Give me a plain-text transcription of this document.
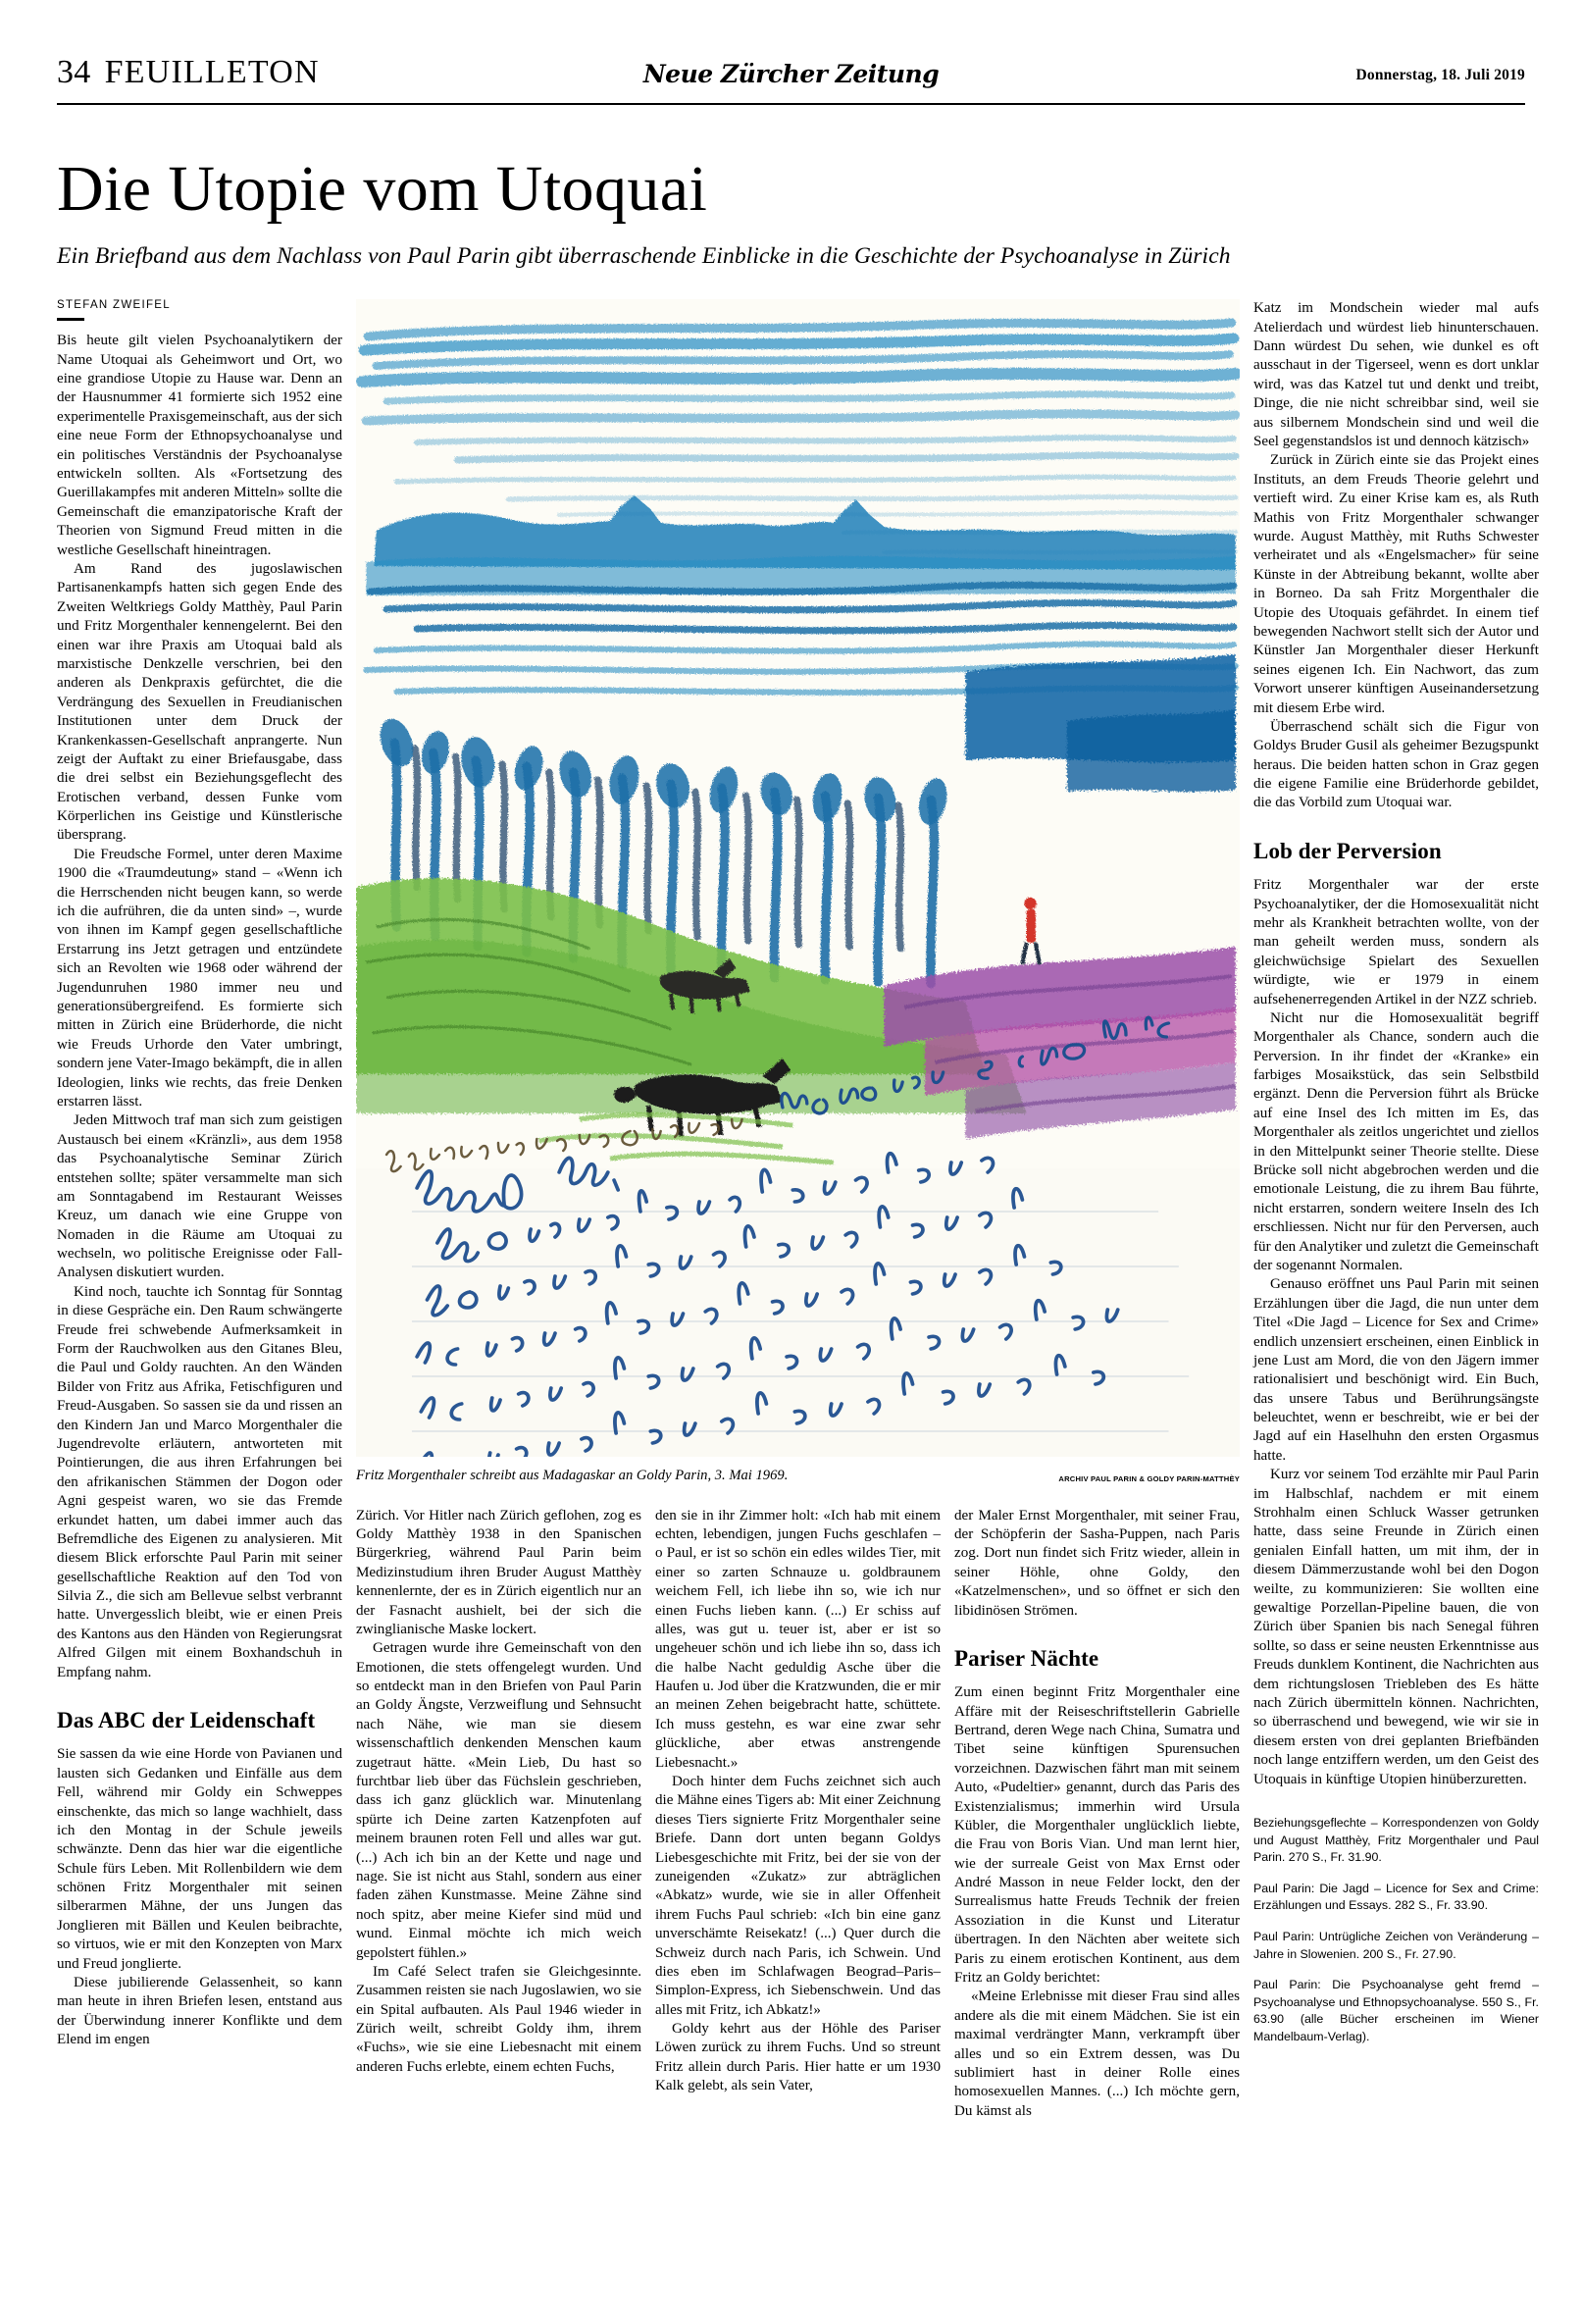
34 FEUILLETON	Neue Zürcher Zeitung	Donnerstag, 18. Juli 2019
Die Utopie vom Utoquai
Ein Briefband aus dem Nachlass von Paul Parin gibt überraschende Einblicke in die Geschichte der Psychoanalyse in Zürich
STEFAN ZWEIFEL

Bis heute gilt vielen Psychoanalytikern der Name Utoquai als Geheimwort und Ort, wo eine grandiose Utopie zu Hause war. Denn an der Hausnummer 41 formierte sich 1952 eine experimentelle Praxisgemeinschaft, aus der sich eine neue Form der Ethnopsychoanalyse und ein politisches Verständnis der Psychoanalyse entwickeln sollten. Als «Fortsetzung des Guerillakampfes mit anderen Mitteln» sollte die Gemeinschaft die emanzipatorische Kraft der Theorien von Sigmund Freud mitten in die westliche Gesellschaft hineintragen.

Am Rand des jugoslawischen Partisanenkampfs hatten sich gegen Ende des Zweiten Weltkriegs Goldy Matthèy, Paul Parin und Fritz Morgenthaler kennengelernt. Bei den einen war ihre Praxis am Utoquai bald als marxistische Denkzelle verschrien, bei den anderen als Denkpraxis gefürchtet, die die Verdrängung des Sexuellen in Freudianischen Institutionen unter dem Druck der Krankenkassen-Gesellschaft anprangerte. Nun zeigt der Auftakt zu einer Briefausgabe, dass die drei selbst ein Beziehungsgeflecht des Erotischen verband, dessen Funke vom Körperlichen ins Geistige und Künstlerische übersprang.

Die Freudsche Formel, unter deren Maxime 1900 die «Traumdeutung» stand – «Wenn ich die Herrschenden nicht beugen kann, so werde ich die aufrühren, die da unten sind» –, wurde von ihnen im Kampf gegen gesellschaftliche Erstarrung ins Jetzt getragen und entzündete sich an Revolten wie 1968 oder während der Jugendunruhen 1980 immer neu und generationsübergreifend. Es formierte sich mitten in Zürich eine Brüderhorde, die nicht wie Freuds Urhorde den Vater umbringt, sondern jene Vater-Imago bekämpft, die in allen Ideologien, links wie rechts, das freie Denken erstarren lässt.

Jeden Mittwoch traf man sich zum geistigen Austausch bei einem «Kränzli», aus dem 1958 das Psychoanalytische Seminar Zürich entstehen sollte; später versammelte man sich am Sonntagabend im Restaurant Weisses Kreuz, um danach wie eine Gruppe von Nomaden in die Räume am Utoquai zu wechseln, wo politische Ereignisse oder Fall-Analysen diskutiert wurden.

Kind noch, tauchte ich Sonntag für Sonntag in diese Gespräche ein. Den Raum schwängerte Freude frei schwebende Aufmerksamkeit in Form der Rauchwolken aus den Gitanes Bleu, die Paul und Goldy rauchten. An den Wänden Bilder von Fritz aus Afrika, Fetischfiguren und Freud-Ausgaben. So sassen sie da und rissen an den Kindern Jan und Marco Morgenthaler die Jugendrevolte erläutern, antworteten mit Pointierungen, die aus ihren Erfahrungen bei den afrikanischen Stämmen der Dogon oder Agni gespeist waren, wo sie das Fremde erkundet hatten, um dabei immer auch das Befremdliche des Eigenen zu analysieren. Mit diesem Blick erforschte Paul Parin mit seiner gesellschaftliche Reaktion auf den Tod von Silvia Z., die sich am Bellevue selbst verbrannt hatte. Unvergesslich bleibt, wie er einen Preis des Kantons aus den Händen von Regierungsrat Alfred Gilgen mit einem Boxhandschuh in Empfang nahm.

Das ABC der Leidenschaft

Sie sassen da wie eine Horde von Pavianen und lausten sich Gedanken und Einfälle aus dem Fell, während mir Goldy ein Schweppes einschenkte, das mich so lange wachhielt, dass ich den Montag in der Schule jeweils schwänzte. Denn das hier war die eigentliche Schule fürs Leben. Mit Rollenbildern wie dem schönen Fritz Morgenthaler mit seinen silberarmen Mähne, der uns Jungen das Jonglieren mit Bällen und Keulen beibrachte, so virtuos, wie er mit den Konzepten von Marx und Freud jonglierte.

Diese jubilierende Gelassenheit, so kann man heute in ihren Briefen lesen, entstand aus der Überwindung innerer Konflikte und dem Elend im engen

Fritz Morgenthaler schreibt aus Madagaskar an Goldy Parin, 3. Mai 1969.	ARCHIV PAUL PARIN & GOLDY PARIN-MATTHÈY

Zürich. Vor Hitler nach Zürich geflohen, zog es Goldy Matthèy 1938 in den Spanischen Bürgerkrieg, während Paul Parin beim Medizinstudium ihren Bruder August Matthèy kennenlernte, der es in Zürich eigentlich nur an der Fasnacht aushielt, bei der sich die zwinglianische Maske lockert.

Getragen wurde ihre Gemeinschaft von den Emotionen, die stets offengelegt wurden. Und so entdeckt man in den Briefen von Paul Parin an Goldy Ängste, Verzweiflung und Sehnsucht nach Nähe, wie man sie diesem wissenschaftlich denkenden Menschen kaum zugetraut hätte. «Mein Lieb, Du hast so furchtbar lieb über das Füchslein geschrieben, dass ich ganz glücklich war. Minutenlang spürte ich Deine zarten Katzenpfoten auf meinem braunen roten Fell und alles war gut. (...) Ach ich bin an der Kette und nage und nage. Sie ist nicht aus Stahl, sondern aus einer faden zähen Kunstmasse. Meine Zähne sind noch spitz, aber meine Kiefer sind müd und wund. Einmal möchte ich mich weich gepolstert fühlen.»

Im Café Select trafen sie Gleichgesinnte. Zusammen reisten sie nach Jugoslawien, wo sie ein Spital aufbauten. Als Paul 1946 wieder in Zürich weilt, schreibt Goldy ihm, ihrem «Fuchs», wie sie eine Liebesnacht mit einem anderen Fuchs erlebte, einem echten Fuchs,

den sie in ihr Zimmer holt: «Ich hab mit einem echten, lebendigen, jungen Fuchs geschlafen – o Paul, er ist so schön ein edles wildes Tier, mit einer so zarten Schnauze u. goldbraunem weichem Fell, ich liebe ihn so, wie ich nur einen Fuchs lieben kann. (...) Er schiss auf alles, was gut u. teuer ist, aber er ist so ungeheuer schön und ich liebe ihn so, dass ich die halbe Nacht geduldig Asche über die Haufen u. Jod über die Kratzwunden, die er mir an meinen Zehen beigebracht hatte, schüttete. Ich muss gestehn, es war eine zwar sehr glückliche, aber etwas anstrengende Liebesnacht.»

Doch hinter dem Fuchs zeichnet sich auch die Mähne eines Tigers ab: Mit einer Zeichnung dieses Tiers signierte Fritz Morgenthaler seine Briefe. Dann dort unten begann Goldys Liebesgeschichte mit Fritz, bei der sie von der zuneigenden «Zukatz» zur abträglichen «Abkatz» wurde, wie sie in aller Offenheit ihrem Fuchs Paul schrieb: «Ich bin eine ganz unverschämte Reisekatz! (...) Quer durch die Schweiz durch nach Paris, ich Schwein. Und dies eben im Schlafwagen Beograd–Paris–Simplon-Express, ich Siebenschwein. Und das alles mit Fritz, ich Abkatz!»

Goldy kehrt aus der Höhle des Pariser Löwen zurück zu ihrem Fuchs. Und so streunt Fritz allein durch Paris. Hier hatte er um 1930 Kalk gelebt, als sein Vater,

der Maler Ernst Morgenthaler, mit seiner Frau, der Schöpferin der Sasha-Puppen, nach Paris zog. Dort nun findet sich Fritz wieder, allein in seiner Höhle, ohne Goldy, den «Katzelmenschen», und so öffnet er sich den libidinösen Strömen.

Pariser Nächte

Zum einen beginnt Fritz Morgenthaler eine Affäre mit der Reiseschriftstellerin Gabrielle Bertrand, deren Wege nach China, Sumatra und Tibet seine künftigen Spurensuchen vorzeichnen. Dazwischen fährt man mit seinem Auto, «Pudeltier» genannt, durch das Paris des Existenzialismus; immerhin wird Ursula Kübler, die Morgenthaler unglücklich liebte, die Frau von Boris Vian. Und man lernt hier, wie der surreale Geist von Max Ernst oder André Masson in neue Felder lockt, den der Surrealismus hatte Freuds Technik der freien Assoziation in die Kunst und Literatur übertragen. In den Nächten aber weitete sich Paris zu einem erotischen Kontinent, aus dem Fritz an Goldy berichtet:

«Meine Erlebnisse mit dieser Frau sind alles andere als die mit einem Mädchen. Sie ist ein maximal verdrängter Mann, verkrampft über alles und so ein Extrem dessen, was Du sublimiert hast in deiner Rolle eines homosexuellen Mannes. (...) Ich möchte gern, Du kämst als

Katz im Mondschein wieder mal aufs Atelierdach und würdest lieb hinunterschauen. Dann würdest Du sehen, wie dunkel es oft ausschaut in der Tigerseel, wenn es dort unklar wird, was das Katzel tut und denkt und treibt, Dinge, die nie nicht schreibbar sind, weil sie aus silbernem Mondschein sind und weil die Seel gegenstandslos ist und dennoch kätzisch»

Zurück in Zürich einte sie das Projekt eines Instituts, an dem Freuds Theorie gelehrt und vertieft wird. Zu einer Krise kam es, als Ruth Mathis von Fritz Morgenthaler schwanger wurde. August Matthèy, mit Ruths Schwester verheiratet und als «Engelsmacher» für seine Künste in der Abtreibung bekannt, wollte aber in Borneo. Da sah Fritz Morgenthaler die Utopie des Utoquais gefährdet. In einem tief bewegenden Nachwort stellt sich der Autor und Künstler Jan Morgenthaler dieser Herkunft seines eigenen Ich. Ein Nachwort, das zum Vorwort unserer künftigen Auseinandersetzung mit diesem Erbe wird.

Überraschend schält sich die Figur von Goldys Bruder Gusil als geheimer Bezugspunkt heraus. Die beiden hatten schon in Graz gegen die eigene Familie eine Brüderhorde gebildet, die das Vorbild zum Utoquai war.

Lob der Perversion

Fritz Morgenthaler war der erste Psychoanalytiker, der die Homosexualität nicht mehr als Krankheit betrachten wollte, von der man geheilt werden muss, sondern als gleichwüchsige Spielart des Sexuellen würdigte, wie er 1979 in einem aufsehenerregenden Artikel in der NZZ schrieb.

Nicht nur die Homosexualität begriff Morgenthaler als Chance, sondern auch die Perversion. In ihr findet der «Kranke» ein farbiges Mosaikstück, das sein Selbstbild ergänzt. Denn die Perversion führt als Brücke auf eine Insel des Ich mitten im Es, das Morgenthaler als zeitlos ungerichtet und ziellos in den Mittelpunkt seiner Theorie stellte. Diese Brücke soll nicht abgebrochen werden und die emotionale Leistung, die zu ihrem Bau führte, nicht erstarren, sondern weitere Inseln des Ich erschliessen. Nicht nur für den Perversen, auch für den Analytiker und zuletzt die Gemeinschaft der sogenannt Normalen.

Genauso eröffnet uns Paul Parin mit seinen Erzählungen über die Jagd, die nun unter dem Titel «Die Jagd – Licence for Sex and Crime» endlich unzensiert erscheinen, einen Einblick in jene Lust am Mord, die von den Jägern immer rationalisiert und beschönigt wird. Ein Buch, das unsere Tabus und Berührungsängste beleuchtet, wenn er beschreibt, wie er bei der Jagd auf ein Haselhuhn den ersten Orgasmus hatte.

Kurz vor seinem Tod erzählte mir Paul Parin im Halbschlaf, nachdem er mit einem Strohhalm einen Schluck Wasser getrunken hatte, dass seine Freunde in Zürich einen genialen Einfall hatten, um mit ihm, der in diesem Dämmerzustande wohl bei den Dogon weilte, zu kommunizieren: Sie wollten eine gewaltige Porzellan-Pipeline bauen, die von Zürich über Spanien bis nach Senegal führen sollte, so dass er seine neusten Erkenntnisse aus Freuds dunklem Kontinent, die Nachrichten aus dem richtungslosen Triebleben des Es hätte nach Zürich übermitteln können. Nachrichten, so überraschend und bewegend, wie wir sie in diesem ersten von drei geplanten Briefbänden noch lange entziffern werden, um den Geist des Utoquais in künftige Utopien hinüberzuretten.

Beziehungsgeflechte – Korrespondenzen von Goldy und August Matthèy, Fritz Morgenthaler und Paul Parin. 270 S., Fr. 31.90.

Paul Parin: Die Jagd – Licence for Sex and Crime: Erzählungen und Essays. 282 S., Fr. 33.90.

Paul Parin: Untrügliche Zeichen von Veränderung – Jahre in Slowenien. 200 S., Fr. 27.90.

Paul Parin: Die Psychoanalyse geht fremd – Psychoanalyse und Ethnopsychoanalyse. 550 S., Fr. 63.90 (alle Bücher erscheinen im Wiener Mandelbaum-Verlag).
